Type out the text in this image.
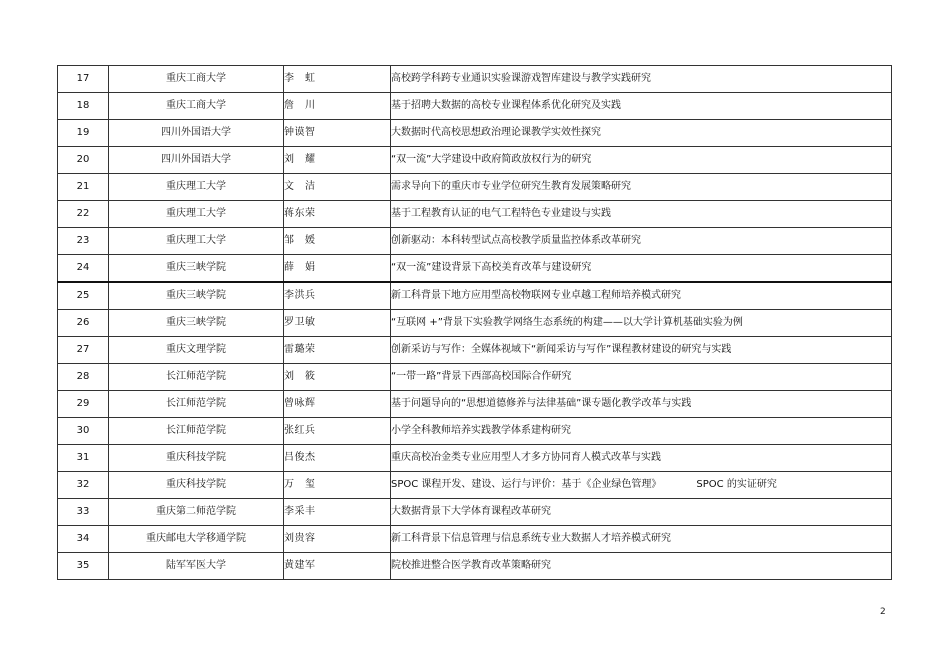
17	重庆工商大学	李　虹	高校跨学科跨专业通识实验课游戏智库建设与教学实践研究
18	重庆工商大学	詹　川	基于招聘大数据的高校专业课程体系优化研究及实践
19	四川外国语大学	钟谟智	大数据时代高校思想政治理论课教学实效性探究
20	四川外国语大学	刘　耀	“双一流”大学建设中政府简政放权行为的研究
21	重庆理工大学	文　洁	需求导向下的重庆市专业学位研究生教育发展策略研究
22	重庆理工大学	蒋东荣	基于工程教育认证的电气工程特色专业建设与实践
23	重庆理工大学	邹　媛	创新驱动：本科转型试点高校教学质量监控体系改革研究
24	重庆三峡学院	薛　娟	“双一流”建设背景下高校美育改革与建设研究
25	重庆三峡学院	李洪兵	新工科背景下地方应用型高校物联网专业卓越工程师培养模式研究
26	重庆三峡学院	罗卫敏	“互联网 +”背景下实验教学网络生态系统的构建——以大学计算机基础实验为例
27	重庆文理学院	雷璐荣	创新采访与写作：全媒体视域下“新闻采访与写作”课程教材建设的研究与实践
28	长江师范学院	刘　筱	“一带一路”背景下西部高校国际合作研究
29	长江师范学院	曾咏辉	基于问题导向的“思想道德修养与法律基础”课专题化教学改革与实践
30	长江师范学院	张红兵	小学全科教师培养实践教学体系建构研究
31	重庆科技学院	吕俊杰	重庆高校冶金类专业应用型人才多方协同育人模式改革与实践
32	重庆科技学院	万　玺	SPOC 课程开发、建设、运行与评价：基于《企业绿色管理》　　　　SPOC 的实证研究
33	重庆第二师范学院	李采丰	大数据背景下大学体育课程改革研究
34	重庆邮电大学移通学院	刘贵容	新工科背景下信息管理与信息系统专业大数据人才培养模式研究
35	陆军军医大学	黄建军	院校推进整合医学教育改革策略研究
2
